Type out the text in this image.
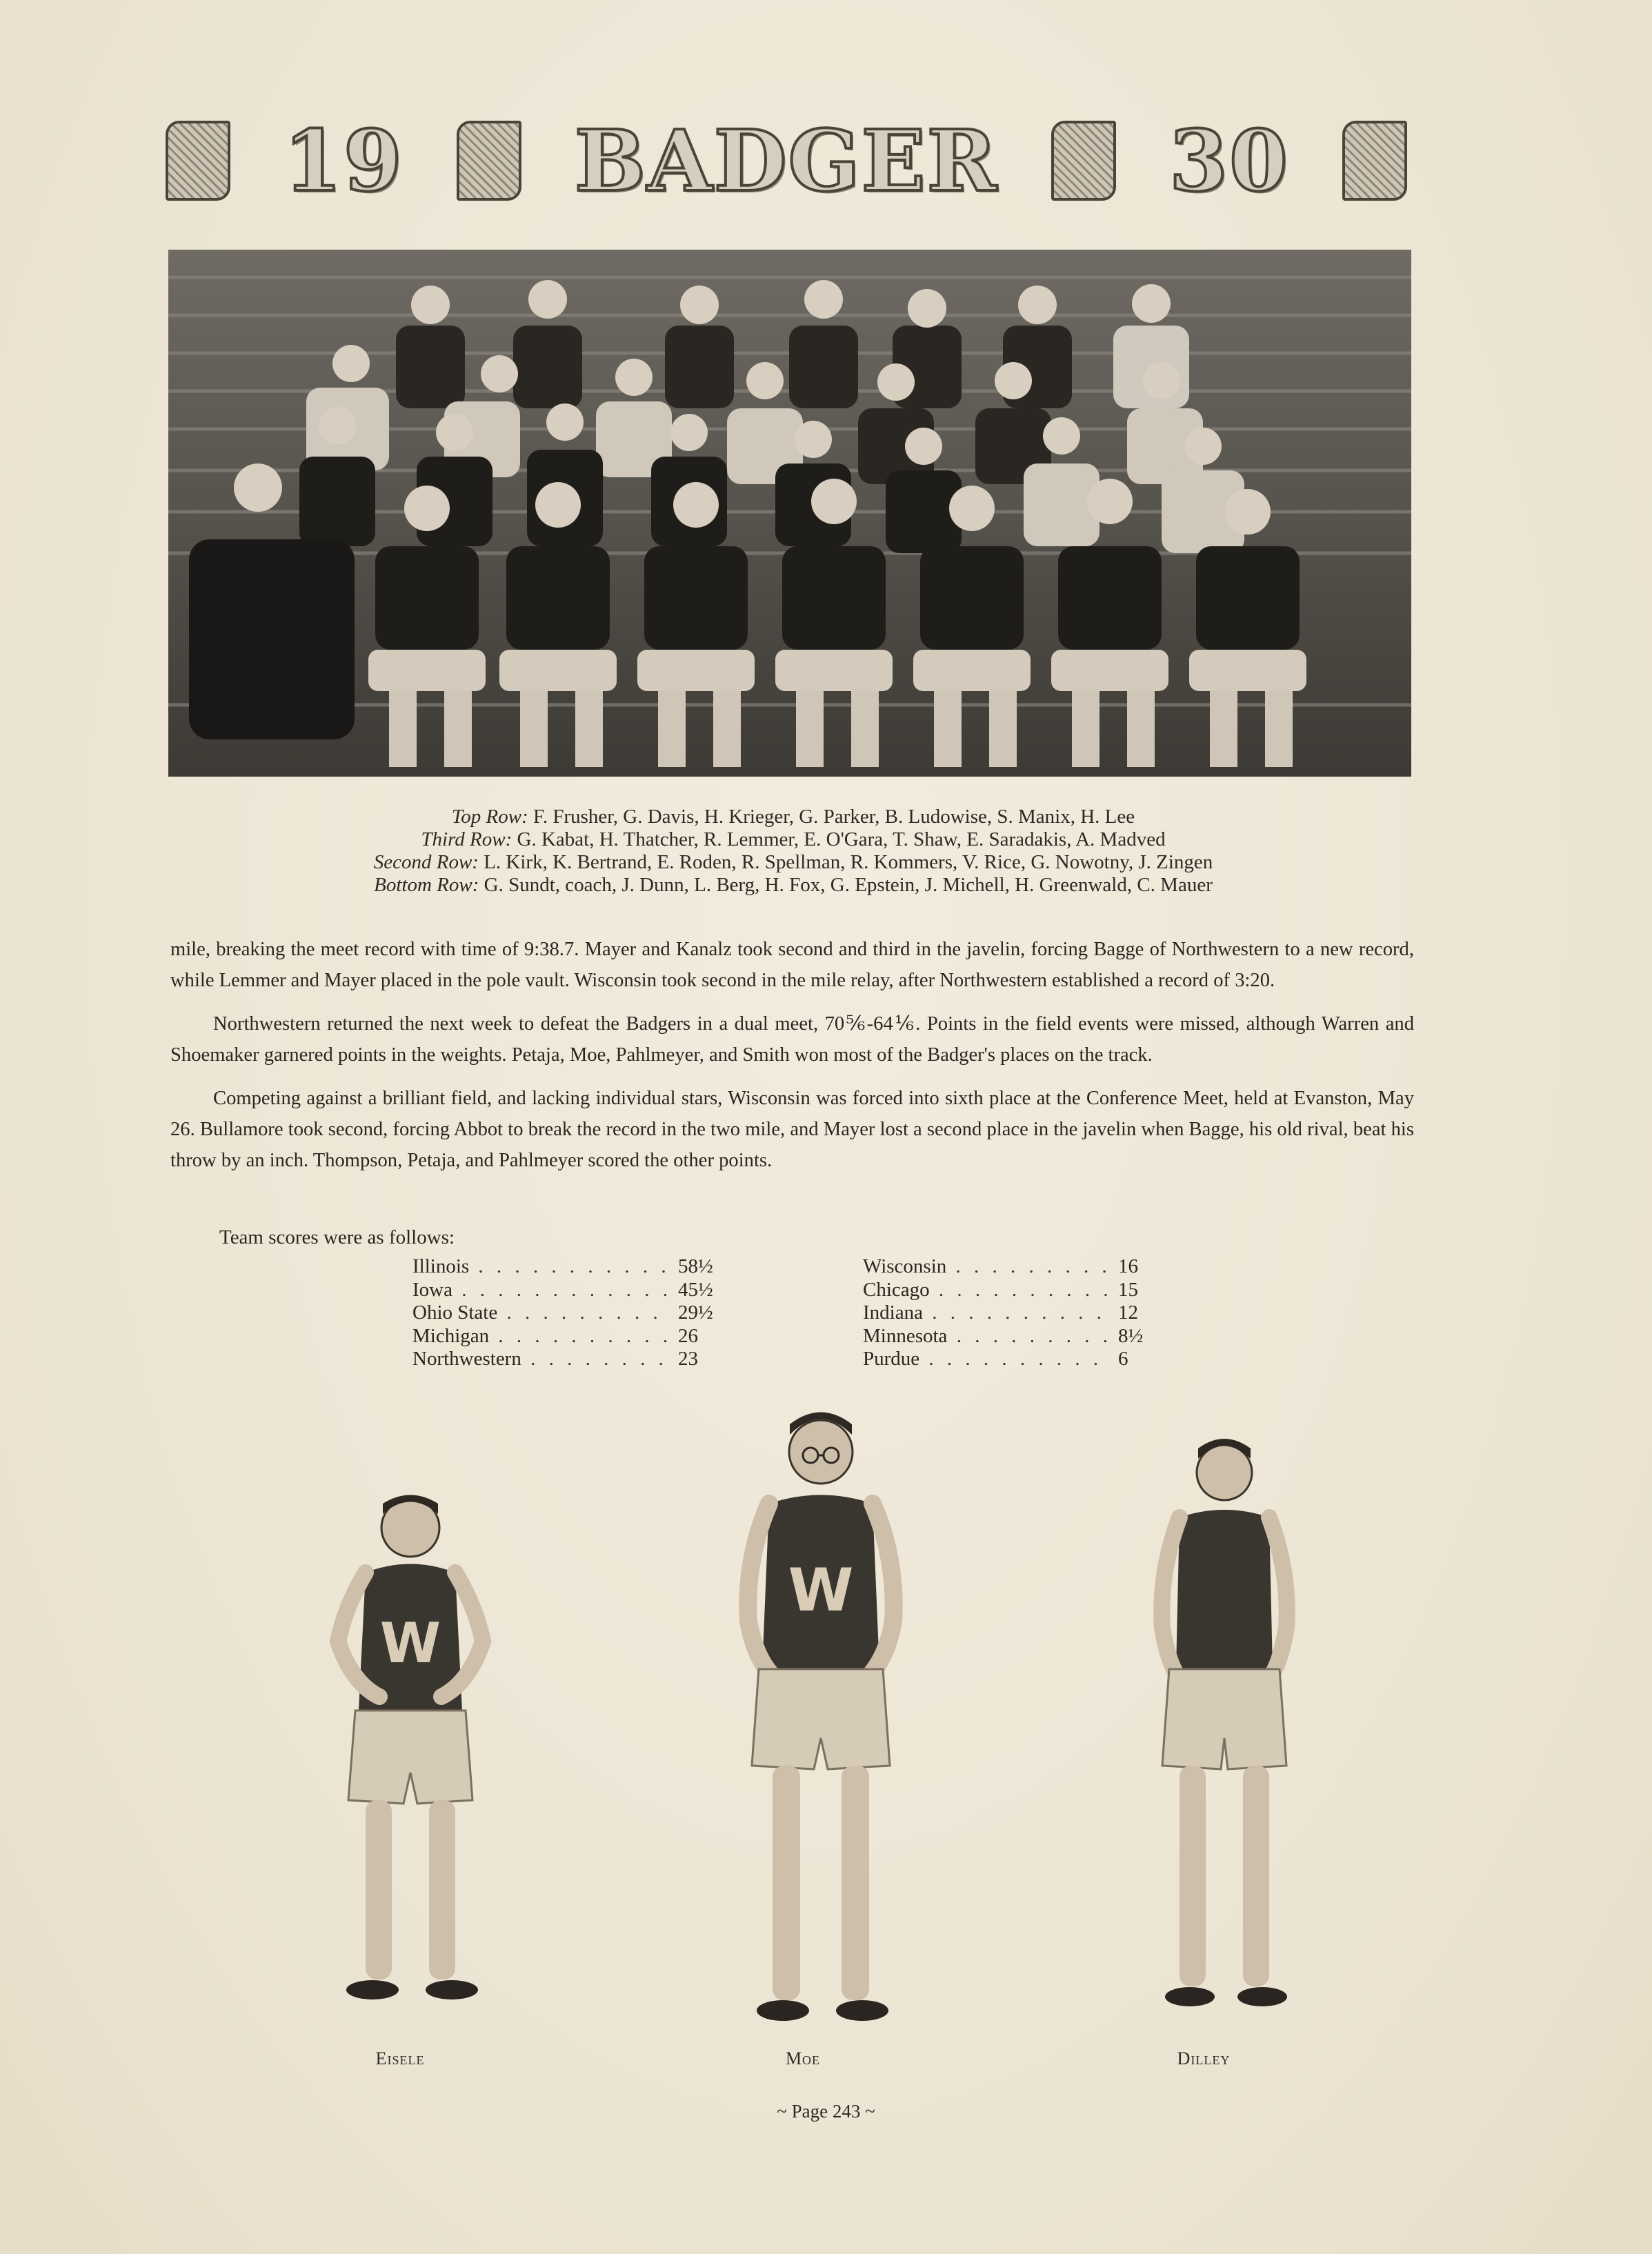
19 BADGER 30
Top Row: F. Frusher, G. Davis, H. Krieger, G. Parker, B. Ludowise, S. Manix, H. Lee
Third Row: G. Kabat, H. Thatcher, R. Lemmer, E. O'Gara, T. Shaw, E. Saradakis, A. Madved
Second Row: L. Kirk, K. Bertrand, E. Roden, R. Spellman, R. Kommers, V. Rice, G. Nowotny, J. Zingen
Bottom Row: G. Sundt, coach, J. Dunn, L. Berg, H. Fox, G. Epstein, J. Michell, H. Greenwald, C. Mauer

mile, breaking the meet record with time of 9:38.7. Mayer and Kanalz took second and third in the javelin, forcing Bagge of Northwestern to a new record, while Lemmer and Mayer placed in the pole vault. Wisconsin took second in the mile relay, after Northwestern established a record of 3:20.

Northwestern returned the next week to defeat the Badgers in a dual meet, 70⅚-64⅙. Points in the field events were missed, although Warren and Shoemaker garnered points in the weights. Petaja, Moe, Pahlmeyer, and Smith won most of the Badger's places on the track.

Competing against a brilliant field, and lacking individual stars, Wisconsin was forced into sixth place at the Conference Meet, held at Evanston, May 26. Bullamore took second, forcing Abbot to break the record in the two mile, and Mayer lost a second place in the javelin when Bagge, his old rival, beat his throw by an inch. Thompson, Petaja, and Pahlmeyer scored the other points.

Team scores were as follows:
Illinois . . .	58½
Iowa . . .	45½
Ohio State . . .	29½
Michigan . . .	26
Northwestern . . .	23
Wisconsin . . .	16
Chicago . . .	15
Indiana . . .	12
Minnesota . . .	8½
Purdue . . .	6
W
Eisele
W
Moe	Dilley
~ Page 243 ~
